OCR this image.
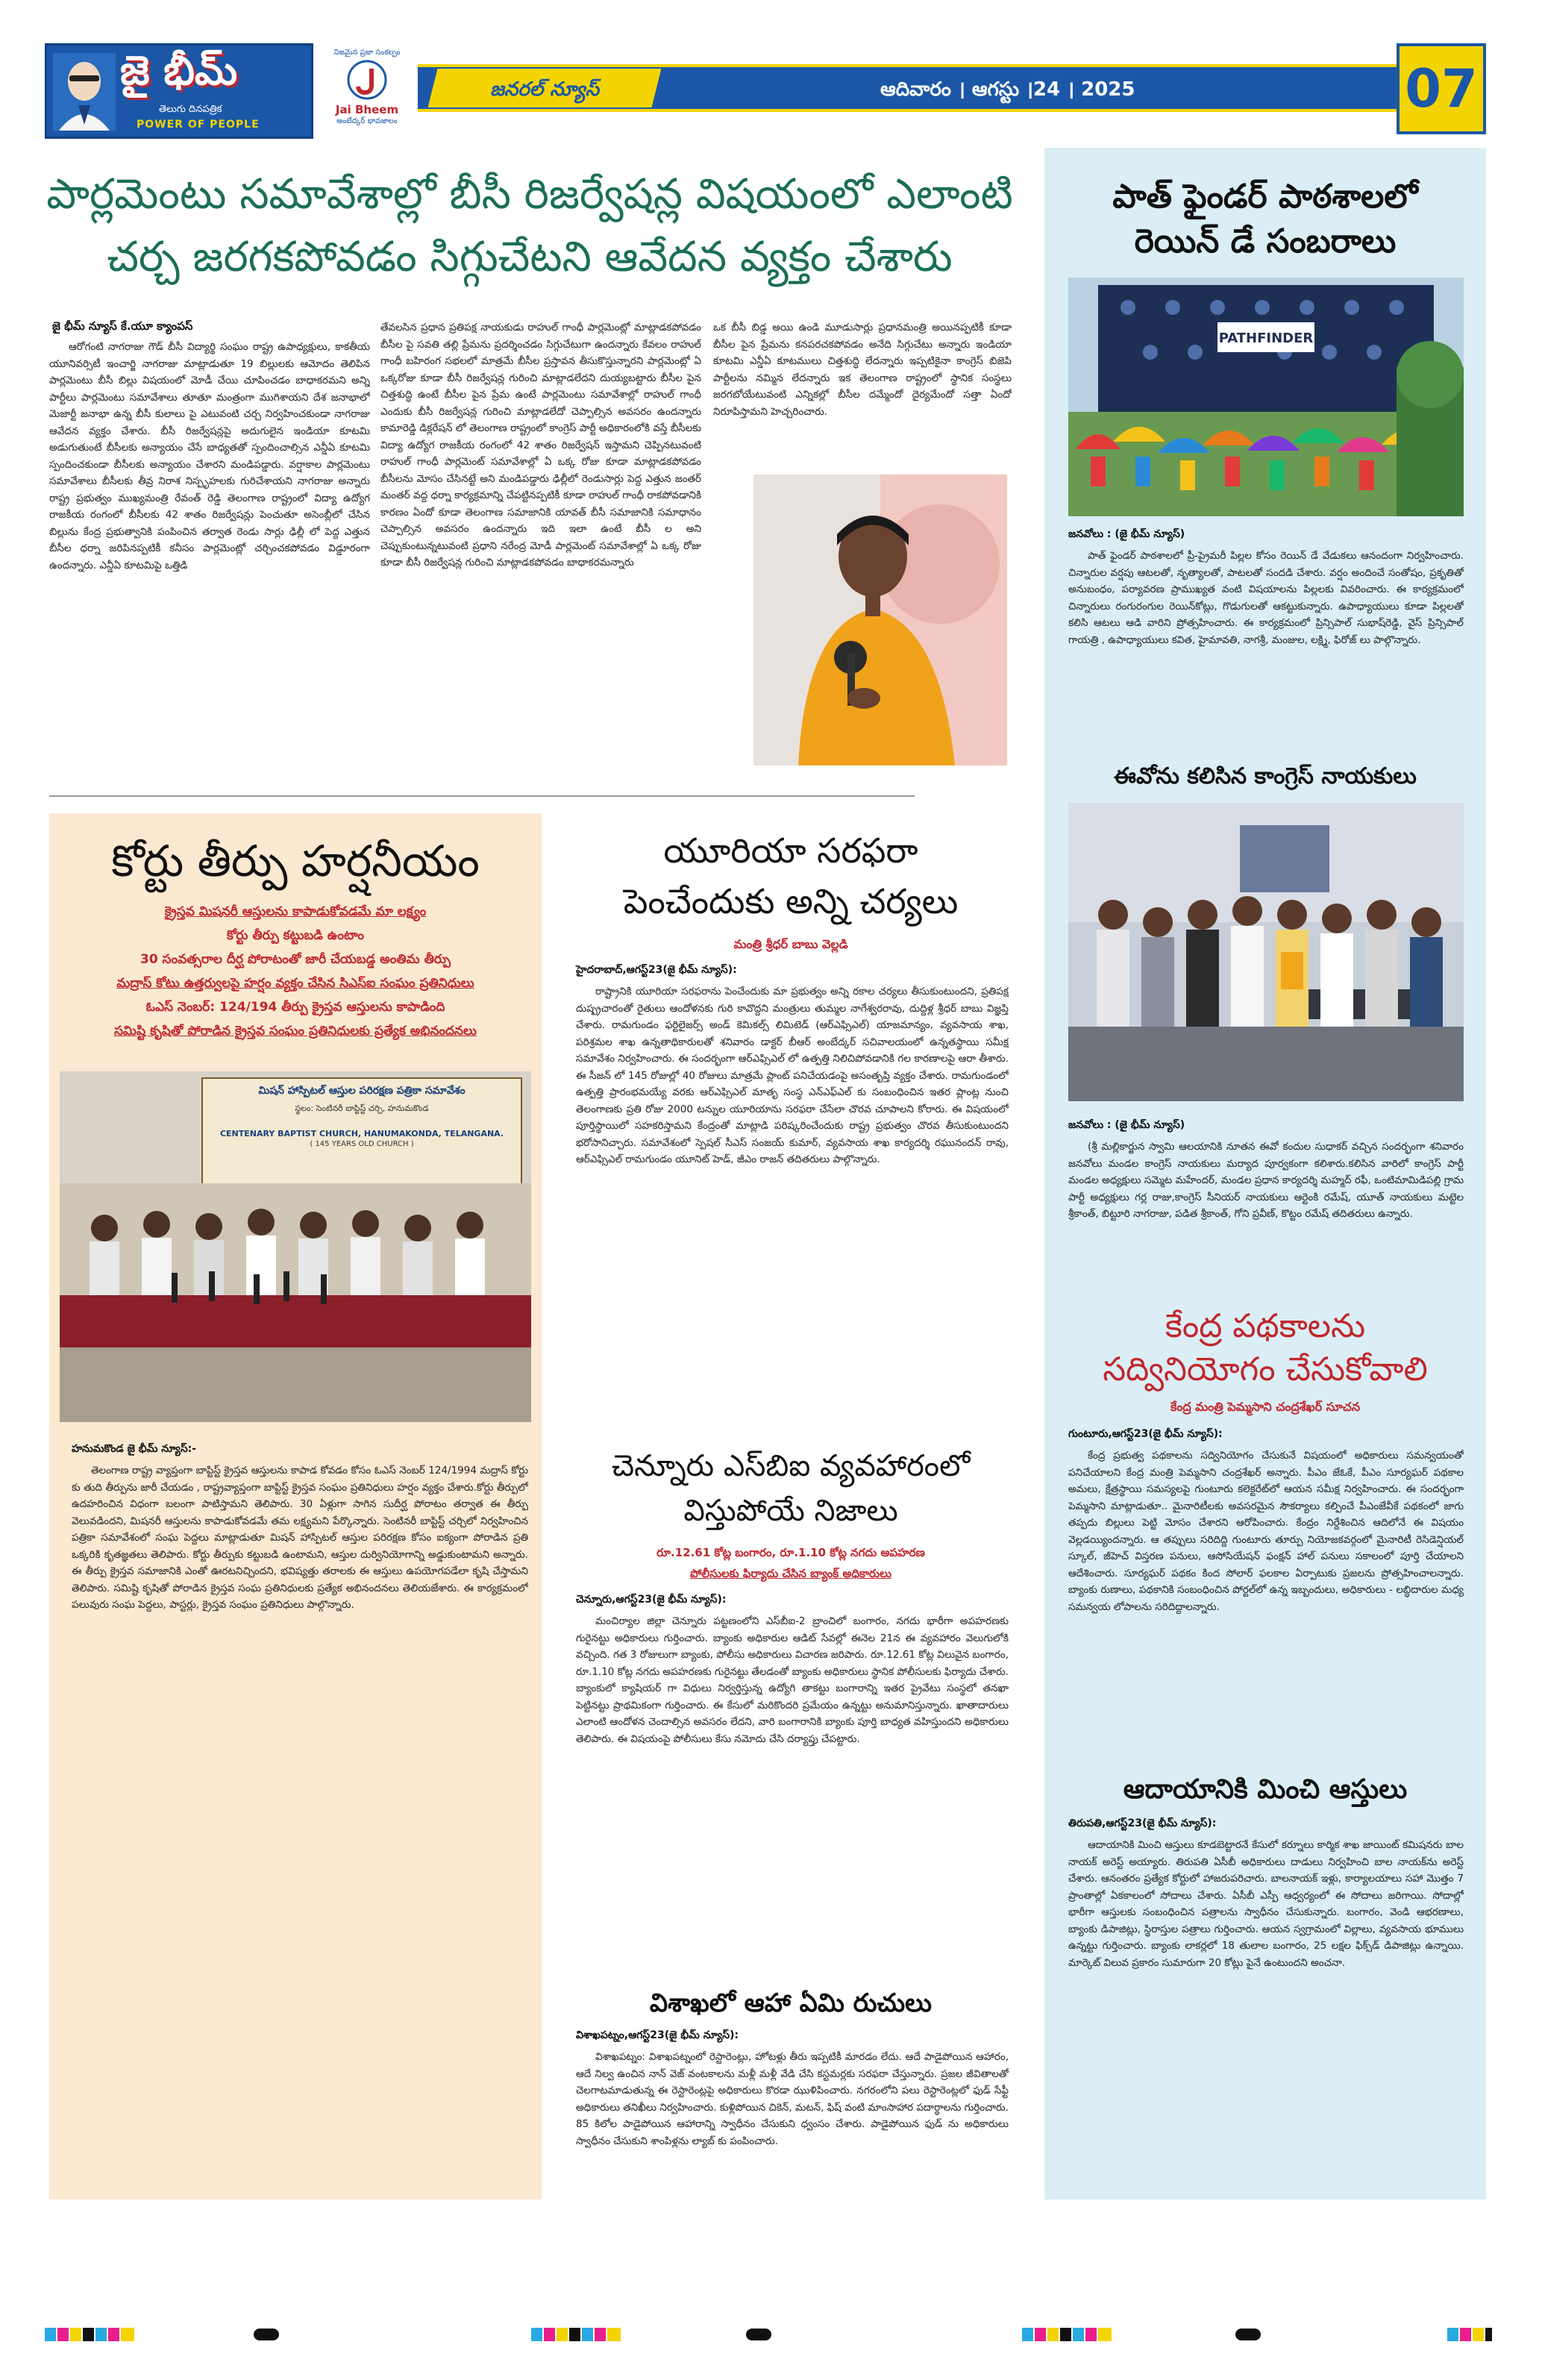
జై భీమ్
తెలుగు దినపత్రిక
POWER OF PEOPLE
నిజమైన ప్రజా సంకల్పం
Jai Bheem
అంబేద్కర్ భావజాలం
జనరల్ న్యూస్	ఆదివారం । ఆగస్టు ।24 । 2025	07
పార్లమెంటు సమావేశాల్లో బీసీ రిజర్వేషన్ల విషయంలో ఎలాంటి
చర్చ జరగకపోవడం సిగ్గుచేటని ఆవేదన వ్యక్తం చేశారు
జై భీమ్ న్యూస్ కే.యూ క్యాంపస్

ఆరోగంటి నాగరాజు గౌడ్ బీసీ విద్యార్థి సంఘం రాష్ట్ర ఉపాధ్యక్షులు, కాకతీయ యూనివర్సిటీ ఇంచార్జి నాగరాజు మాట్లాడుతూ 19 బిల్లులకు ఆమోదం తెలిపిన పార్లమెంటు బీసీ బిల్లు విషయంలో మోడీ చేయి చూపించడం బాధాకరమని అన్ని పార్టీలు పార్లమెంటు సమావేశాలు తూతూ మంత్రంగా ముగిశాయని దేశ జనాభాలో మెజార్టీ జనాభా ఉన్న బీసీ కులాలు పై ఎటువంటి చర్చ నిర్వహించకుండా నాగరాజు ఆవేదన వ్యక్తం చేశారు. బీసీ రిజర్వేషన్లపై అదుగులైన ఇండియా కూటమి అడుగుతుంటే బీసీలకు అన్యాయం చేసే బాధ్యతతో స్పందించాల్సిన ఎన్డీఏ కూటమి స్పందించకుండా బీసీలకు అన్యాయం చేశారని మండిపడ్డారు. వర్షాకాల పార్లమెంటు సమావేశాలు బీసీలకు తీవ్ర నిరాశ నిస్పృహలకు గురిచేశాయని నాగరాజు అన్నారు రాష్ట్ర ప్రభుత్వం ముఖ్యమంత్రి రేవంత్ రెడ్డి తెలంగాణ రాష్ట్రంలో విద్యా ఉద్యోగ రాజకీయ రంగంలో బీసీలకు 42 శాతం రిజర్వేషన్లు పెంచుతూ అసెంబ్లీలో చేసిన బిల్లును కేంద్ర ప్రభుత్వానికి పంపించిన తర్వాత రెండు సార్లు ఢిల్లీ లో పెద్ద ఎత్తున బీసీల ధర్నా జరిపినప్పటికీ కనీసం పార్లమెంట్లో చర్చించకపోవడం విడ్డూరంగా ఉందన్నారు. ఎన్డీఏ కూటమిపై ఒత్తిడి

తేవలసిన ప్రధాన ప్రతిపక్ష నాయకుడు రాహుల్ గాంధీ పార్లమెంట్లో మాట్లాడకపోవడం బీసీల పై సవతి తల్లి ప్రేమను ప్రదర్శించడం సిగ్గుచేటుగా ఉందన్నారు కేవలం రాహుల్ గాంధీ బహిరంగ సభలలో మాత్రమే బీసీల ప్రస్తావన తీసుకొస్తున్నారని పార్లమెంట్లో ఏ ఒక్కరోజు కూడా బీసీ రిజర్వేషన్ల గురించి మాట్లాడలేదని దుయ్యబట్టారు బీసీల పైన చిత్తశుద్ధి ఉంటే బీసీల పైన ప్రేమ ఉంటే పార్లమెంటు సమావేశాల్లో రాహుల్ గాంధీ ఎందుకు బీసీ రిజర్వేషన్ల గురించి మాట్లాడలేదో చెప్పాల్సిన అవసరం ఉందన్నారు కామారెడ్డి డిక్లరేషన్ లో తెలంగాణ రాష్ట్రంలో కాంగ్రెస్ పార్టీ అధికారంలోకి వస్తే బీసీలకు విద్యా ఉద్యోగ రాజకీయ రంగంలో 42 శాతం రిజర్వేషన్ ఇస్తామని చెప్పినటువంటి రాహుల్ గాంధీ పార్లమెంట్ సమావేశాల్లో ఏ ఒక్క రోజు కూడా మాట్లాడకపోవడం బీసీలను మోసం చేసినట్టే అని మండిపడ్డారు ఢిల్లీలో రెండుసార్లు పెద్ద ఎత్తున జంతర్ మంతర్ వద్ద ధర్నా కార్యక్రమాన్ని చేపట్టినప్పటికీ కూడా రాహుల్ గాంధీ రాకపోవడానికి కారణం ఏందో కూడా తెలంగాణ సమాజానికి యావత్ బీసీ సమాజానికి సమాధానం చెప్పాల్సిన అవసరం ఉందన్నారు ఇది ఇలా ఉంటే బీసీ ల అని చెప్పుకుంటున్నటువంటి ప్రధాని నరేంద్ర మోడీ పార్లమెంట్ సమావేశాల్లో ఏ ఒక్క రోజు కూడా బీసీ రిజర్వేషన్ల గురించి మాట్లాడకపోవడం బాధాకరమన్నారు

ఒక బీసీ బిడ్డ అయి ఉండి మూడుసార్లు ప్రధానమంత్రి అయినప్పటికీ కూడా బీసీల పైన ప్రేమను కనపరచకపోవడం అనేది సిగ్గుచేటు అన్నారు ఇండియా కూటమి ఎన్డీఏ కూటములు చిత్తశుద్ధి లేదన్నారు ఇప్పటికైనా కాంగ్రెస్ బిజెపి పార్టీలను నమ్మిన లేదన్నారు ఇక తెలంగాణ రాష్ట్రంలో స్థానిక సంస్థలు జరగబోయేటువంటి ఎన్నికల్లో బీసీల దమ్మేందో దైర్యమేందో సత్తా ఏందో నిరూపిస్తామని హెచ్చరించారు.

పాత్ ఫైండర్ పాఠశాలలో
రెయిన్ డే సంబరాలు
PATHFINDER
జనవోలు : (జై భీమ్ న్యూస్)

పాత్ ఫైండర్ పాఠశాలలో ప్రీ-ప్రైమరీ పిల్లల కోసం రెయిన్ డే వేడుకలు ఆనందంగా నిర్వహించారు. చిన్నారుల వర్షపు ఆటలతో, నృత్యాలతో, పాటలతో సందడి చేశారు. వర్షం అందించే సంతోషం, ప్రకృతితో అనుబంధం, పర్యావరణ ప్రాముఖ్యత వంటి విషయాలను పిల్లలకు వివరించారు. ఈ కార్యక్రమంలో చిన్నారులు రంగురంగుల రెయిన్‌కోట్లు, గొడుగులతో ఆకట్టుకున్నారు. ఉపాధ్యాయులు కూడా పిల్లలతో కలిసి ఆటలు ఆడి వారిని ప్రోత్సహించారు. ఈ కార్యక్రమంలో ప్రిన్సిపాల్ సుభాష్‌రెడ్డి, వైస్ ప్రిన్సిపాల్ గాయత్రి , ఉపాధ్యాయులు కవిత, హైమావతి, నాగశ్రీ, మంజుల, లక్ష్మి, ఫిరోజ్ లు పాల్గొన్నారు.

ఈవోను కలిసిన కాంగ్రెస్ నాయకులు
జనవోలు : (జై భీమ్ న్యూస్)

(శ్రీ మల్లికార్జున స్వామి ఆలయానికి నూతన ఈవో కందుల సుధాకర్ వచ్చిన సందర్భంగా శనివారం జనవోలు మండల కాంగ్రెస్ నాయకులు మర్యాద పూర్వకంగా కలిశారు.కలిసిన వారిలో కాంగ్రెస్ పార్టీ మండల అధ్యక్షులు సమ్మెట మహేందర్, మండల ప్రధాన కార్యదర్శి మహ్మద్ రఫీ, ఒంటిమామిడిపల్లి గ్రామ పార్టీ అధ్యక్షులు గర్ల రాజు,కాంగ్రెస్ సీనియర్ నాయకులు ఆర్టెంకి రమేష్, యూత్ నాయకులు మట్టెల శ్రీకాంత్, బిట్టూరి నాగరాజు, పడిత శ్రీకాంత్, గోని ప్రవీణ్, కొట్టం రమేష్ తదితరులు ఉన్నారు.

కేంద్ర పథకాలను
సద్వినియోగం చేసుకోవాలి
కేంద్ర మంత్రి పెమ్మసాని చంద్రశేఖర్ సూచన
గుంటూరు,ఆగస్ట్23(జై భీమ్ న్యూస్):

కేంద్ర ప్రభుత్వ పథకాలను సద్వినియోగం చేసుకునే విషయంలో అధికారులు సమన్వయంతో పనిచేయాలని కేంద్ర మంత్రి పెమ్మసాని చంద్రశేఖర్ అన్నారు. పీఎం జేఓకే, పీఎం సూర్యఘర్ పథకాల అమలు, క్షేత్రస్థాయి సమస్యలపై గుంటూరు కలెక్టరేట్‌లో ఆయన సమీక్ష నిర్వహించారు. ఈ సందర్భంగా పెమ్మసాని మాట్లాడుతూ.. మైనారిటీలకు అవసరమైన సౌకర్యాలు కల్పించే పీఎంజేవీకే పథకంలో జాగు తప్పదు బిల్లులు పెట్టి మోసం చేశారని ఆరోపించారు. కేంద్రం నిర్దేశించిన ఆదిలోనే ఈ విషయం వెల్లడయ్యిందన్నారు. ఆ తప్పులు సరిదిద్ది గుంటూరు తూర్పు నియోజకవర్గంలో మైనారిటీ రెసిడెన్షియల్ స్కూల్, జీహెచ్ విస్తరణ పనులు, ఆసోసియేషన్ ఫంక్షన్ హాల్ పనులు సకాలంలో పూర్తి చేయాలని ఆదేశించారు. సూర్యఘర్ పథకం కింద సోలార్ ఫలకాల ఏర్పాటుకు ప్రజలను ప్రోత్సహించాలన్నారు. బ్యాంకు రుణాలు, పథకానికి సంబంధించిన పోర్టల్‌లో ఉన్న ఇబ్బందులు, అధికారులు - లబ్ధిదారుల మధ్య సమన్వయ లోపాలను సరిదిద్దాలన్నారు.

ఆదాయానికి మించి ఆస్తులు
తిరుపతి,ఆగస్ట్23(జై భీమ్ న్యూస్):

ఆదాయానికి మించి ఆస్తులు కూడబెట్టారనే కేసులో కర్నూలు కార్మిక శాఖ జాయింట్ కమిషనరు బాల నాయక్ అరెస్ట్ అయ్యారు. తిరుపతి ఏసీబీ అధికారులు దాడులు నిర్వహించి బాల నాయక్‌ను అరెస్ట్ చేశారు. ఆనంతరం ప్రత్యేక కోర్టులో హాజరుపరిచారు. బాలనాయక్ ఇళ్లు, కార్యాలయాలు సహా మొత్తం 7 ప్రాంతాల్లో ఏకకాలంలో సోదాలు చేశారు. ఏసీబీ ఎస్పీ ఆధ్వర్యంలో ఈ సోదాలు జరిగాయి. సోదాల్లో భారీగా ఆస్తులకు సంబంధించిన పత్రాలను స్వాధీనం చేసుకున్నారు. బంగారం, వెండి ఆభరణాలు, బ్యాంకు డిపాజిట్లు, స్థిరాస్తుల పత్రాలు గుర్తించారు. ఆయన స్వగ్రామంలో విల్లాలు, వ్యవసాయ భూములు ఉన్నట్టు గుర్తించారు. బ్యాంకు లాకర్లలో 18 తులాల బంగారం, 25 లక్షల ఫిక్స్‌డ్ డిపాజిట్లు ఉన్నాయి. మార్కెట్ విలువ ప్రకారం సుమారుగా 20 కోట్లు పైనే ఉంటుందని అంచనా.

కోర్టు తీర్పు హర్షనీయం
క్రైస్తవ మిషనరీ ఆస్తులను కాపాడుకోవడమే మా లక్ష్యం
కోర్టు తీర్పు కట్టుబడి ఉంటాం
30 సంవత్సరాల దీర్ఘ పోరాటంతో జారీ చేయబడ్డ అంతిమ తీర్పు
మద్రాస్ కోటు ఉత్తర్వులపై హర్షం వ్యక్తం చేసిన సిఎస్ఐ సంఘం ప్రతినిధులు
ఓఎస్ నెంబర్: 124/194 తీర్పు క్రైస్తవ ఆస్తులను కాపాడింది
సమిష్టి కృషితో పోరాడిన క్రైస్తవ సంఘం ప్రతినిధులకు ప్రత్యేక అభినందనలు
మిషన్ హాస్పిటల్ ఆస్తుల పరిరక్షణ పత్రికా సమావేశం
స్థలం: సెంటినరీ బాప్టిస్ట్ చర్చి, హనుమకొండ
CENTENARY BAPTIST CHURCH, HANUMAKONDA, TELANGANA.
( 145 YEARS OLD CHURCH )
హనుమకొండ జై భీమ్ న్యూస్:-

తెలంగాణ రాష్ట్ర వ్యాప్తంగా బాప్టిస్ట్ క్రైస్తవ ఆస్తులను కాపాడ కోవడం కోసం ఓఎస్ నెంబర్ 124/1994 మద్రాస్ కోర్టు కు తుది తీర్పును జారీ చేయడం , రాష్ట్రవ్యాప్తంగా బాప్టిస్ట్ క్రైస్తవ సంఘం ప్రతినిధులు హర్షం వ్యక్తం చేశారు.కోర్టు తీర్పులో ఉదహరించిన విధంగా బలంగా పాటిస్తామని తెలిపారు. 30 ఏళ్లుగా సాగిన సుదీర్ఘ పోరాటం తర్వాత ఈ తీర్పు వెలువడిందని, మిషనరీ ఆస్తులను కాపాడుకోవడమే తమ లక్ష్యమని పేర్కొన్నారు. సెంటినరీ బాప్టిస్ట్ చర్చిలో నిర్వహించిన పత్రికా సమావేశంలో సంఘ పెద్దలు మాట్లాడుతూ మిషన్ హాస్పిటల్ ఆస్తుల పరిరక్షణ కోసం ఐక్యంగా పోరాడిన ప్రతి ఒక్కరికి కృతజ్ఞతలు తెలిపారు. కోర్టు తీర్పుకు కట్టుబడి ఉంటామని, ఆస్తుల దుర్వినియోగాన్ని అడ్డుకుంటామని అన్నారు. ఈ తీర్పు క్రైస్తవ సమాజానికి ఎంతో ఊరటనిచ్చిందని, భవిష్యత్తు తరాలకు ఈ ఆస్తులు ఉపయోగపడేలా కృషి చేస్తామని తెలిపారు. సమిష్టి కృషితో పోరాడిన క్రైస్తవ సంఘ ప్రతినిధులకు ప్రత్యేక అభినందనలు తెలియజేశారు. ఈ కార్యక్రమంలో పలువురు సంఘ పెద్దలు, పాస్టర్లు, క్రైస్తవ సంఘం ప్రతినిధులు పాల్గొన్నారు.

యూరియా సరఫరా
పెంచేందుకు అన్ని చర్యలు
మంత్రి శ్రీధర్ బాబు వెల్లడి
హైదరాబాద్,ఆగస్ట్23(జై భీమ్ న్యూస్):

రాష్ట్రానికి యూరియా సరఫరాను పెంచేందుకు మా ప్రభుత్వం అన్ని రకాల చర్యలు తీసుకుంటుందని, ప్రతిపక్ష దుష్ప్రచారంతో రైతులు ఆందోళనకు గురి కావొద్దని మంత్రులు తుమ్మల నాగేశ్వరరావు, దుద్దిళ్ల శ్రీధర్ బాబు విజ్ఞప్తి చేశారు. రామగుండం ఫర్టిలైజర్స్ అండ్ కెమికల్స్ లిమిటెడ్ (ఆర్ఎఫ్సిఎల్) యాజమాన్యం, వ్యవసాయ శాఖ, పరిశ్రమల శాఖ ఉన్నతాధికారులతో శనివారం డాక్టర్ బీఆర్ అంబేద్కర్ సచివాలయంలో ఉన్నతస్థాయి సమీక్ష సమావేశం నిర్వహించారు. ఈ సందర్భంగా ఆర్ఎఫ్సిఎల్ లో ఉత్పత్తి నిలిచిపోవడానికి గల కారణాలపై ఆరా తీశారు. ఈ సీజన్ లో 145 రోజుల్లో 40 రోజులు మాత్రమే ప్లాంట్ పనిచేయడంపై అసంతృప్తి వ్యక్తం చేశారు. రామగుండంలో ఉత్పత్తి ప్రారంభమయ్యే వరకు ఆర్ఎఫ్సిఎల్ మాతృ సంస్థ ఎన్ఎఫ్ఎల్ కు సంబంధించిన ఇతర ప్లాంట్ల నుంచి తెలంగాణకు ప్రతి రోజు 2000 టన్నుల యూరియాను సరఫరా చేసేలా చొరవ చూపాలని కోరారు. ఈ విషయంలో పూర్తిస్థాయిలో సహకరిస్తామని కేంద్రంతో మాట్లాడి పరిష్కరించేందుకు రాష్ట్ర ప్రభుత్వం చొరవ తీసుకుంటుందని భరోసానిచ్చారు. సమావేశంలో స్పెషల్ సీఎస్ సంజయ్ కుమార్, వ్యవసాయ శాఖ కార్యదర్శి రఘునందన్ రావు, ఆర్ఎఫ్సిఎల్ రామగుండం యూనిట్ హెడ్, జీఎం రాజన్ తదితరులు పాల్గొన్నారు.

చెన్నూరు ఎస్‌బిఐ వ్యవహారంలో
విస్తుపోయే నిజాలు
రూ.12.61 కోట్ల బంగారం, రూ.1.10 కోట్ల నగదు అపహరణ
పోలీసులకు ఫిర్యాదు చేసిన బ్యాంక్ అధికారులు
చెన్నూరు,ఆగస్ట్23(జై భీమ్ న్యూస్):

మంచిర్యాల జిల్లా చెన్నూరు పట్టణంలోని ఎస్‌బీఐ-2 బ్రాంచిలో బంగారం, నగదు భారీగా అపహరణకు గురైనట్టు అధికారులు గుర్తించారు. బ్యాంకు అధికారుల ఆడిట్ సేవల్లో ఈనెల 21న ఈ వ్యవహారం వెలుగులోకి వచ్చింది. గత 3 రోజులుగా బ్యాంకు, పోలీసు అధికారులు విచారణ జరిపారు. రూ.12.61 కోట్ల విలువైన బంగారం, రూ.1.10 కోట్ల నగదు అపహరణకు గురైనట్టు తేలడంతో బ్యాంకు అధికారులు స్థానిక పోలీసులకు ఫిర్యాదు చేశారు. బ్యాంకులో క్యాషియర్ గా విధులు నిర్వర్తిస్తున్న ఉద్యోగి తాకట్టు బంగారాన్ని ఇతర ప్రైవేటు సంస్థలో తనఖా పెట్టినట్టు ప్రాథమికంగా గుర్తించారు. ఈ కేసులో మరికొందరి ప్రమేయం ఉన్నట్టు అనుమానిస్తున్నారు. ఖాతాదారులు ఎలాంటి ఆందోళన చెందాల్సిన అవసరం లేదని, వారి బంగారానికి బ్యాంకు పూర్తి బాధ్యత వహిస్తుందని అధికారులు తెలిపారు. ఈ విషయంపై పోలీసులు కేసు నమోదు చేసి దర్యాప్తు చేపట్టారు.

విశాఖలో ఆహా ఏమి రుచులు
విశాఖపట్నం,ఆగస్ట్23(జై భీమ్ న్యూస్):

విశాఖపట్నం: విశాఖపట్నంలో రెస్టారెంట్లు, హోటళ్లు తీరు ఇప్పటికీ మారడం లేదు. ఆదే పాడైపోయిన ఆహారం, ఆదే నిల్వ ఉంచిన నాన్ వెజ్ వంటకాలను మళ్లీ మళ్లీ వేడి చేసి కస్టమర్లకు సరఫరా చేస్తున్నారు. ప్రజల జీవితాలతో చెలగాటమాడుతున్న ఈ రెస్టారెంట్లపై అధికారులు కొరడా ఝుళిపించారు. నగరంలోని పలు రెస్టారెంట్లలో ఫుడ్ సేఫ్టీ అధికారులు తనిఖీలు నిర్వహించారు. కుళ్లిపోయిన చికెన్, మటన్, ఫిష్ వంటి మాంసాహార పదార్థాలను గుర్తించారు. 85 కిలోల పాడైపోయిన ఆహారాన్ని స్వాధీనం చేసుకుని ధ్వంసం చేశారు. పాడైపోయిన ఫుడ్ ను అధికారులు స్వాధీనం చేసుకుని శాంపిళ్లను ల్యాబ్ కు పంపించారు.
